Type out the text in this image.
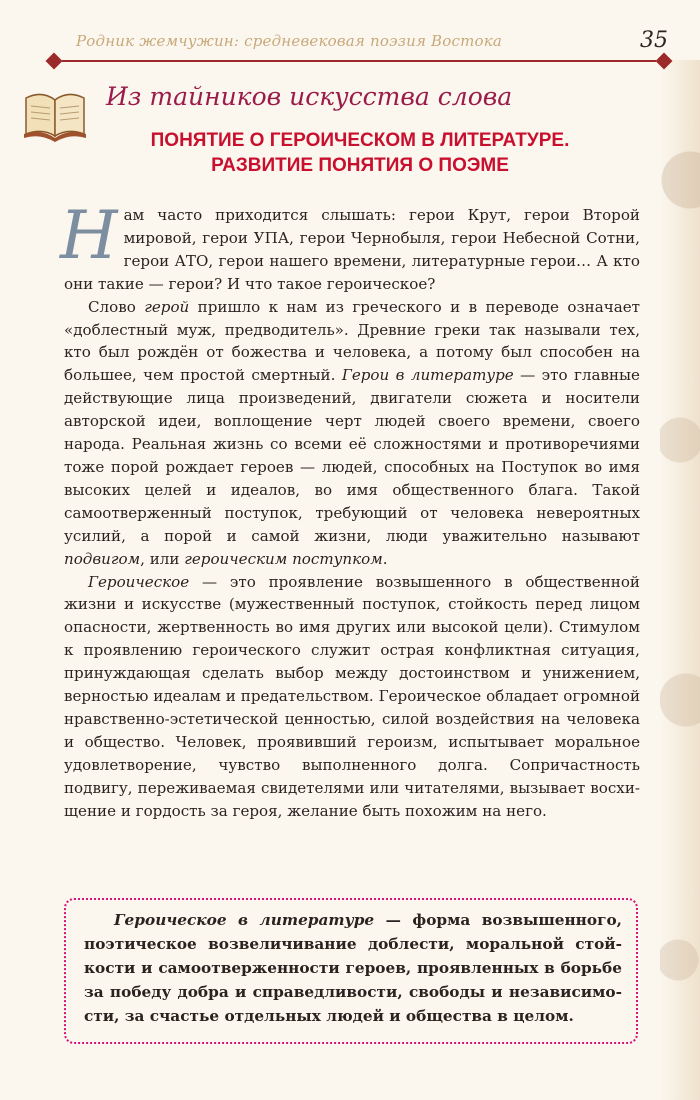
Родник жемчужин: средневековая поэзия Востока	35
Из тайников искусства слова
ПОНЯТИЕ О ГЕРОИЧЕСКОМ В ЛИТЕРАТУРЕ.
РАЗВИТИЕ ПОНЯТИЯ О ПОЭМЕ

Нам часто приходится слышать: герои Крут, герои Второй мировой, герои УПА, герои Чернобыля, герои Небесной Сотни, герои АТО, герои нашего времени, литературные герои… А кто они такие — герои? И что такое героическое?

Слово герой пришло к нам из греческого и в переводе означает «доблестный муж, предводитель». Древние греки так называли тех, кто был рождён от божества и человека, а потому был способен на большее, чем простой смертный. Герои в литературе — это главные действующие лица произведений, двигатели сюжета и носители авторской идеи, воплощение черт людей своего времени, своего народа. Реальная жизнь со всеми её сложностями и противоречиями тоже порой рождает героев — людей, способных на Поступок во имя высоких целей и идеалов, во имя общественного блага. Такой самоотверженный поступок, требующий от человека невероятных усилий, а порой и самой жизни, люди уважительно называют подвигом, или героическим поступком.

Героическое — это проявление возвышенного в общественной жизни и искусстве (мужественный поступок, стойкость перед лицом опасности, жертвенность во имя других или высокой цели). Стимулом к проявлению героического служит острая конфликтная ситуация, принуждающая сделать выбор между достоинством и унижением, верностью идеалам и предательством. Героическое обладает огромной нравственно-эстетической ценностью, силой воздействия на человека и общество. Человек, проявивший героизм, испытывает моральное удовлетворение, чувство выполненного долга. Сопричастность подвигу, переживаемая свидетелями или читателями, вызывает восхищение и гордость за героя, желание быть похожим на него.

Героическое в литературе — форма возвышенного, поэтическое возвеличивание доблести, моральной стойкости и самоотверженности героев, проявленных в борьбе за победу добра и справедливости, свободы и независимости, за счастье отдельных людей и общества в целом.
